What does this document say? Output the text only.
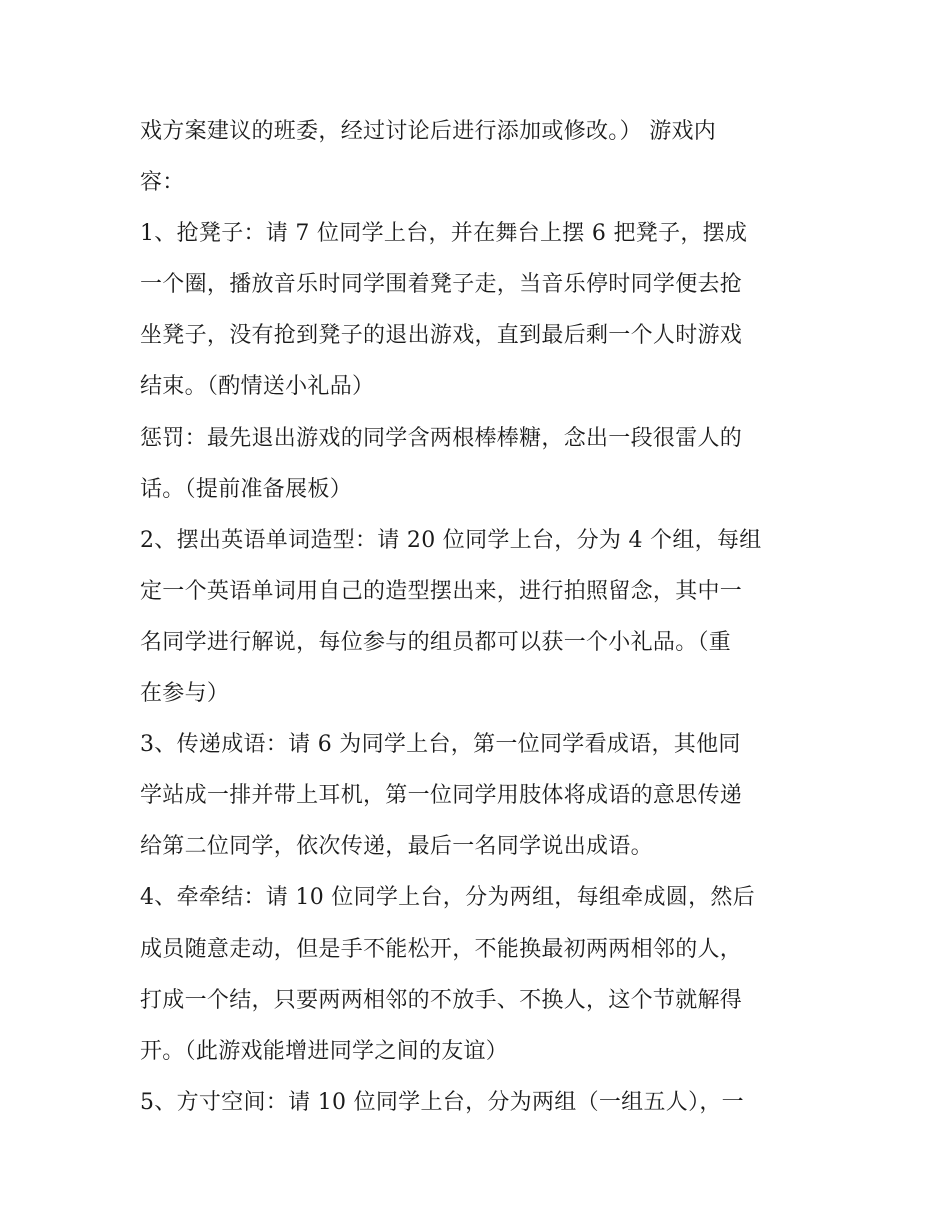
戏方案建议的班委，经过讨论后进行添加或修改。） 游戏内
容：
1、抢凳子：请 7 位同学上台，并在舞台上摆 6 把凳子，摆成
一个圈，播放音乐时同学围着凳子走，当音乐停时同学便去抢
坐凳子，没有抢到凳子的退出游戏，直到最后剩一个人时游戏
结束。（酌情送小礼品）
惩罚：最先退出游戏的同学含两根棒棒糖，念出一段很雷人的
话。（提前准备展板）
2、摆出英语单词造型：请 20 位同学上台，分为 4 个组，每组
定一个英语单词用自己的造型摆出来，进行拍照留念，其中一
名同学进行解说，每位参与的组员都可以获一个小礼品。（重
在参与）
3、传递成语：请 6 为同学上台，第一位同学看成语，其他同
学站成一排并带上耳机，第一位同学用肢体将成语的意思传递
给第二位同学，依次传递，最后一名同学说出成语。
4、牵牵结：请 10 位同学上台，分为两组，每组牵成圆，然后
成员随意走动，但是手不能松开，不能换最初两两相邻的人，
打成一个结，只要两两相邻的不放手、不换人，这个节就解得
开。（此游戏能增进同学之间的友谊）
5、方寸空间：请 10 位同学上台，分为两组（一组五人），一
